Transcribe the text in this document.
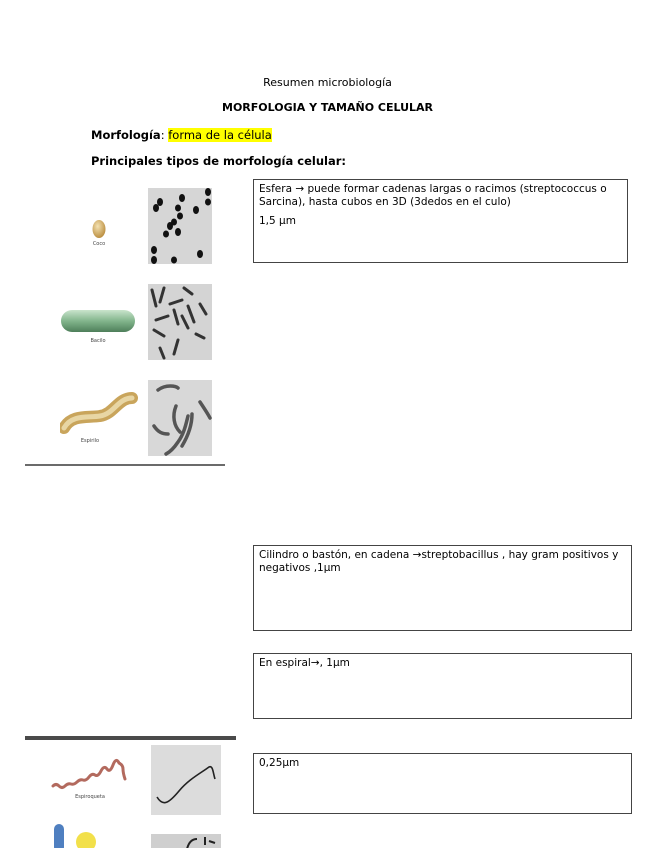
Resumen microbiología
MORFOLOGIA Y TAMAÑO CELULAR
Morfología: forma de la célula
Principales tipos de morfología celular:
Coco
Bacilo
Espirilo

Esfera → puede formar cadenas largas o racimos (streptococcus o Sarcina), hasta cubos en 3D (3dedos en el culo)

1,5 µm

Cilindro o bastón, en cadena →streptobacillus , hay gram positivos y negativos ,1µm

En espiral→, 1µm

Espiroqueta

0,25µm
